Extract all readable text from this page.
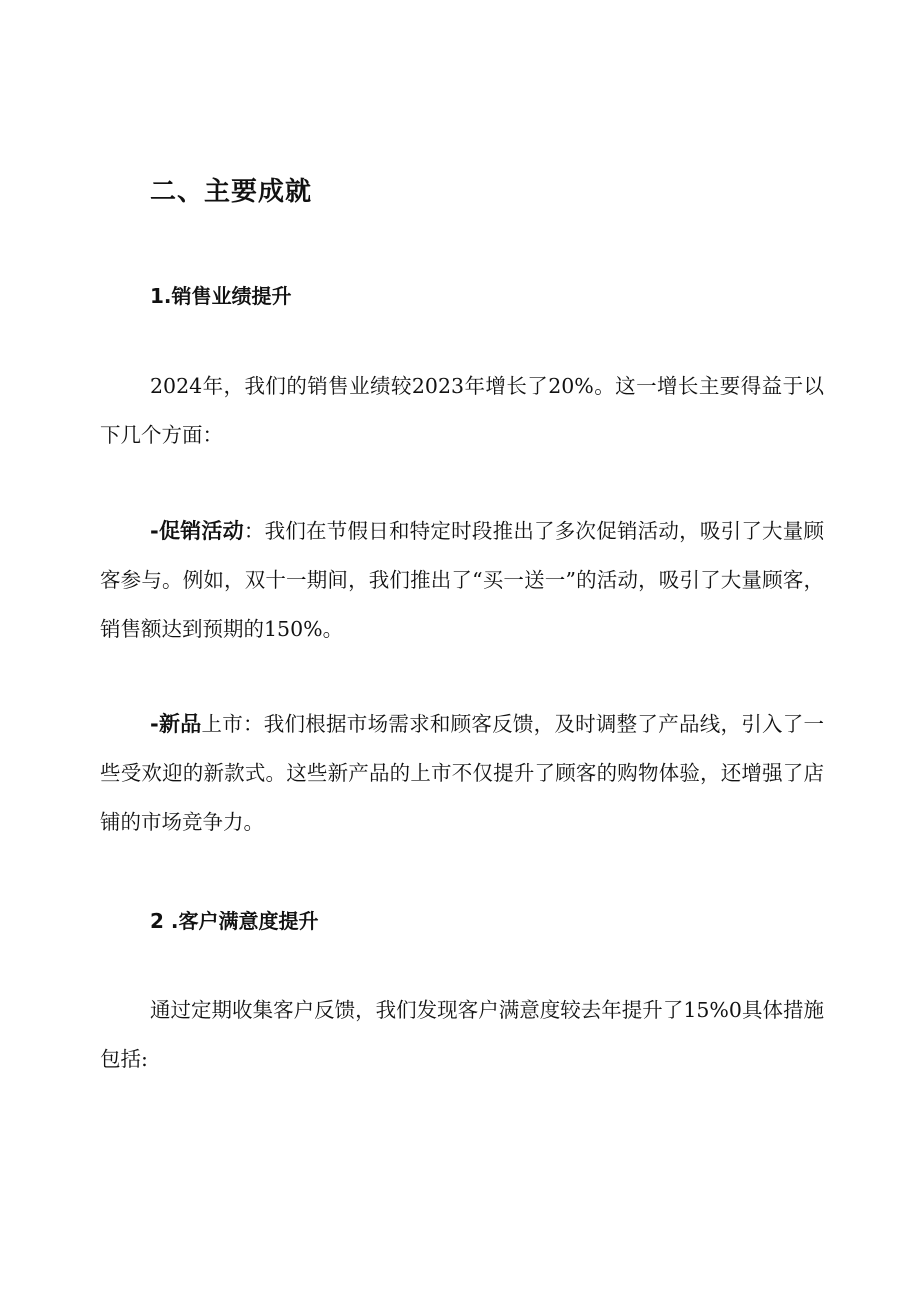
二、主要成就
1.销售业绩提升

2024年，我们的销售业绩较2023年增长了20%。这一增长主要得益于以下几个方面：

-促销活动：我们在节假日和特定时段推出了多次促销活动，吸引了大量顾客参与。例如，双十一期间，我们推出了“买一送一”的活动，吸引了大量顾客，销售额达到预期的150%。

-新品上市：我们根据市场需求和顾客反馈，及时调整了产品线，引入了一些受欢迎的新款式。这些新产品的上市不仅提升了顾客的购物体验，还增强了店铺的市场竞争力。

2 .客户满意度提升

通过定期收集客户反馈，我们发现客户满意度较去年提升了15%0具体措施包括:
